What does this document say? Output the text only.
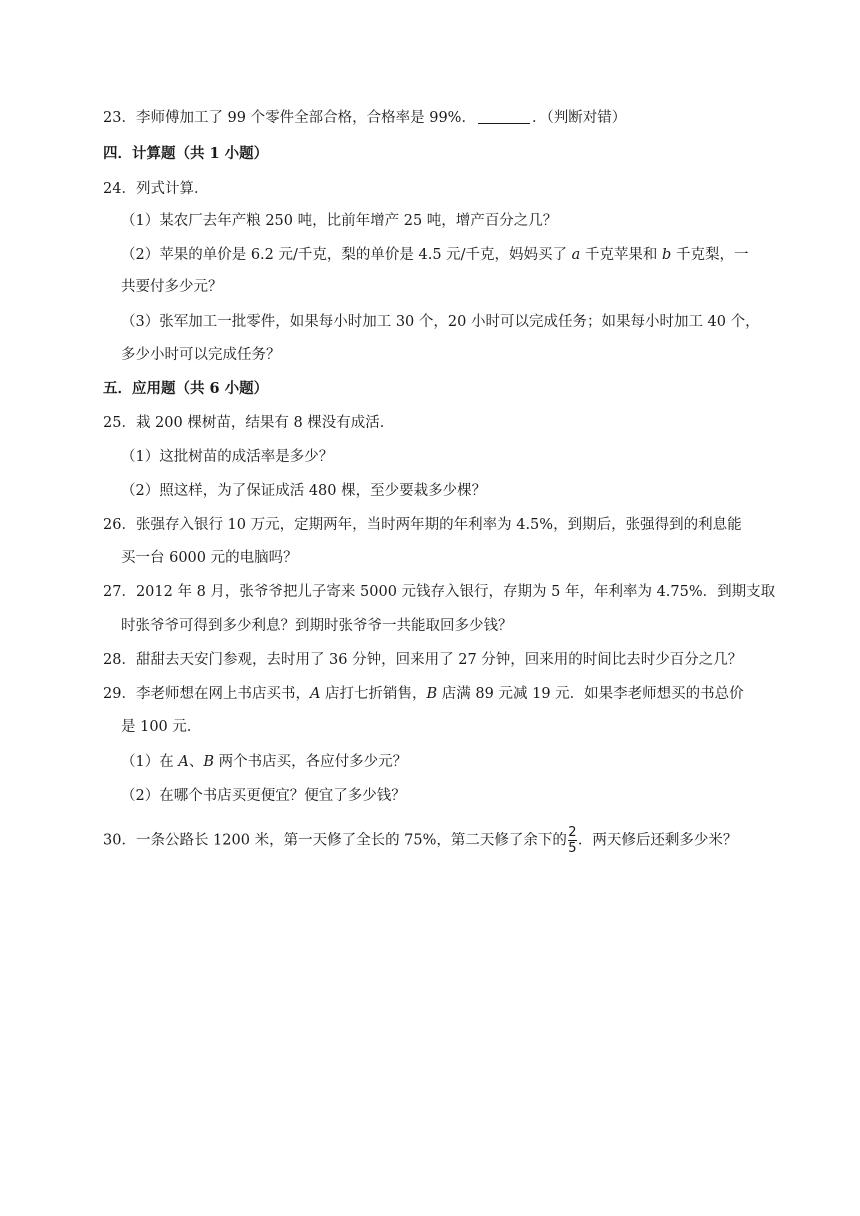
23．李师傅加工了 99 个零件全部合格，合格率是 99%．	．（判断对错）
四．计算题（共 1 小题）
24．列式计算．
（1）某农厂去年产粮 250 吨，比前年增产 25 吨，增产百分之几？
（2）苹果的单价是 6.2 元/千克，梨的单价是 4.5 元/千克，妈妈买了 a 千克苹果和 b 千克梨，一
共要付多少元？
（3）张军加工一批零件，如果每小时加工 30 个，20 小时可以完成任务；如果每小时加工 40 个，
多少小时可以完成任务？
五．应用题（共 6 小题）
25．栽 200 棵树苗，结果有 8 棵没有成活．
（1）这批树苗的成活率是多少？
（2）照这样，为了保证成活 480 棵，至少要栽多少棵？
26．张强存入银行 10 万元，定期两年，当时两年期的年利率为 4.5%，到期后，张强得到的利息能
买一台 6000 元的电脑吗？
27．2012 年 8 月，张爷爷把儿子寄来 5000 元钱存入银行，存期为 5 年，年利率为 4.75%．到期支取
时张爷爷可得到多少利息？到期时张爷爷一共能取回多少钱？
28．甜甜去天安门参观，去时用了 36 分钟，回来用了 27 分钟，回来用的时间比去时少百分之几？
29．李老师想在网上书店买书，A 店打七折销售，B 店满 89 元减 19 元．如果李老师想买的书总价
是 100 元．
（1）在 A、B 两个书店买，各应付多少元？
（2）在哪个书店买更便宜？便宜了多少钱？
30．一条公路长 1200 米，第一天修了全长的 75%，第二天修了余下的 $\frac{2}{5}$ ．两天修后还剩多少米？
